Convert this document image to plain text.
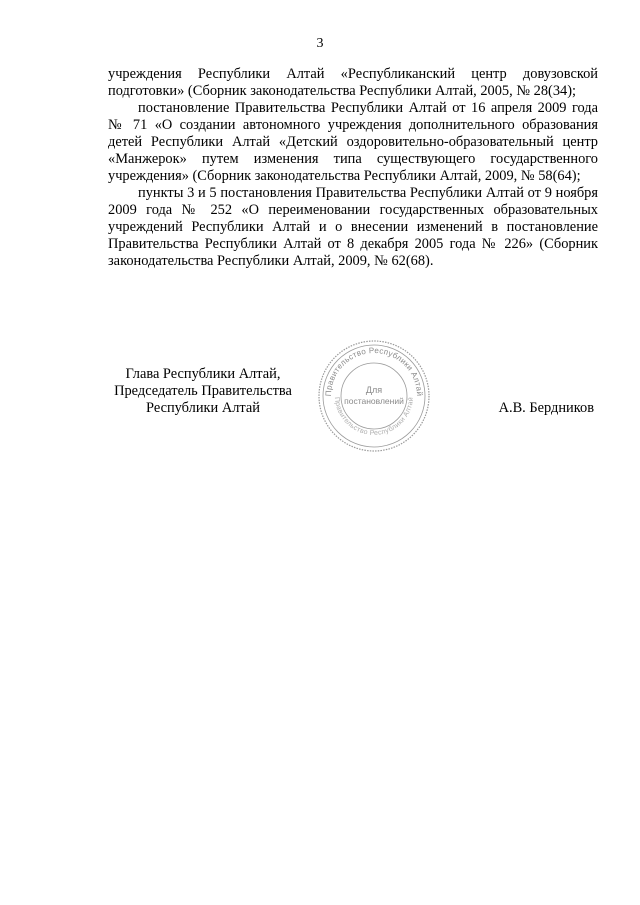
3

учреждения Республики Алтай «Республиканский центр довузовской подготовки» (Сборник законодательства Республики Алтай, 2005, № 28(34);

постановление Правительства Республики Алтай от 16 апреля 2009 года № 71 «О создании автономного учреждения дополнительного образования детей Республики Алтай «Детский оздоровительно-образовательный центр «Манжерок» путем изменения типа существующего государственного учреждения» (Сборник законодательства Республики Алтай, 2009, № 58(64);

пункты 3 и 5 постановления Правительства Республики Алтай от 9 ноября 2009 года № 252 «О переименовании государственных образовательных учреждений Республики Алтай и о внесении изменений в постановление Правительства Республики Алтай от 8 декабря 2005 года № 226» (Сборник законодательства Республики Алтай, 2009, № 62(68).

Глава Республики Алтай,
Председатель Правительства
Республики Алтай	А.В. Бердников
Правительство Республики Алтай
Правительство Республики Алтай
Для
постановлений
